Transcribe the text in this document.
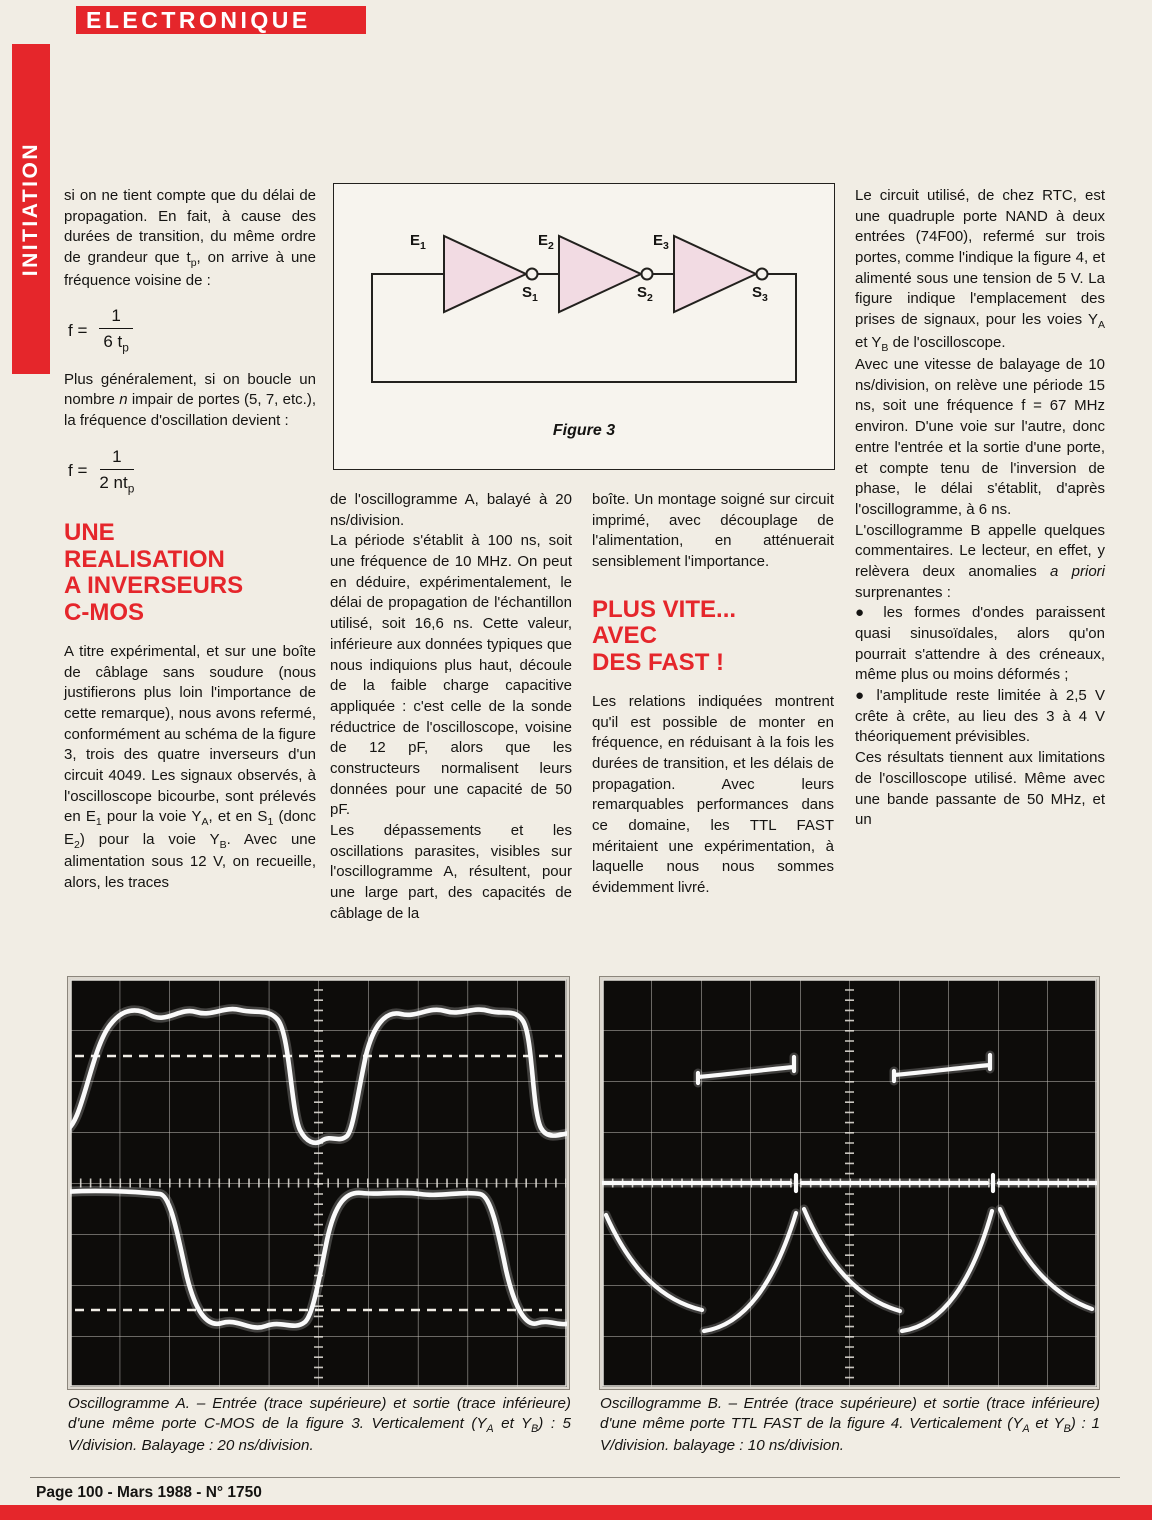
ELECTRONIQUE
INITIATION si on ne tient compte que du délai de propagation. En fait, à cause des durées de transition, du même ordre de grandeur que $t_p$, on arrive à une fréquence voisine de :

$f = \frac{1}{6 t_p}$

Plus généralement, si on boucle un nombre n impair de portes (5, 7, etc.), la fréquence d'oscillation devient :

$f = \frac{1}{2 nt_p}$
UNE
REALISATION
A INVERSEURS
C-MOS

A titre expérimental, et sur une boîte de câblage sans soudure (nous justifierons plus loin l'importance de cette remarque), nous avons refermé, conformément au schéma de la figure 3, trois des quatre inverseurs d'un circuit 4049. Les signaux observés, à l'oscilloscope bicourbe, sont prélevés en $E_1$ pour la voie $Y_A$, et en $S_1$ (donc $E_2$) pour la voie $Y_B$. Avec une alimentation sous 12 V, on recueille, alors, les traces

$E_1$
$S_1$
$E_2$
$S_2$
$E_3$
$S_3$
Figure 3

de l'oscillogramme A, balayé à 20 ns/division.

La période s'établit à 100 ns, soit une fréquence de 10 MHz. On peut en déduire, expérimentalement, le délai de propagation de l'échantillon utilisé, soit 16,6 ns. Cette valeur, inférieure aux données typiques que nous indiquions plus haut, découle de la faible charge capacitive appliquée : c'est celle de la sonde réductrice de l'oscilloscope, voisine de 12 pF, alors que les constructeurs normalisent leurs données pour une capacité de 50 pF.

Les dépassements et les oscillations parasites, visibles sur l'oscillogramme A, résultent, pour une large part, des capacités de câblage de la

boîte. Un montage soigné sur circuit imprimé, avec découplage de l'alimentation, en atténuerait sensiblement l'importance.

PLUS VITE...
AVEC
DES FAST !

Les relations indiquées montrent qu'il est possible de monter en fréquence, en réduisant à la fois les durées de transition, et les délais de propagation. Avec leurs remarquables performances dans ce domaine, les TTL FAST méritaient une expérimentation, à laquelle nous nous sommes évidemment livré.

Le circuit utilisé, de chez RTC, est une quadruple porte NAND à deux entrées (74F00), refermé sur trois portes, comme l'indique la figure 4, et alimenté sous une tension de 5 V. La figure indique l'emplacement des prises de signaux, pour les voies $Y_A$ et $Y_B$ de l'oscilloscope.

Avec une vitesse de balayage de 10 ns/division, on relève une période 15 ns, soit une fréquence f = 67 MHz environ. D'une voie sur l'autre, donc entre l'entrée et la sortie d'une porte, et compte tenu de l'inversion de phase, le délai s'établit, d'après l'oscillogramme, à 6 ns.

L'oscillogramme B appelle quelques commentaires. Le lecteur, en effet, y relèvera deux anomalies a priori surprenantes :

● les formes d'ondes paraissent quasi sinusoïdales, alors qu'on pourrait s'attendre à des créneaux, même plus ou moins déformés ;

● l'amplitude reste limitée à 2,5 V crête à crête, au lieu des 3 à 4 V théoriquement prévisibles.

Ces résultats tiennent aux limitations de l'oscilloscope utilisé. Même avec une bande passante de 50 MHz, et un

Oscillogramme A. – Entrée (trace supérieure) et sortie (trace inférieure) d'une même porte C-MOS de la figure 3. Verticalement ($Y_A$ et $Y_B$) : 5 V/division. Balayage : 20 ns/division.
Oscillogramme B. – Entrée (trace supérieure) et sortie (trace inférieure) d'une même porte TTL FAST de la figure 4. Verticalement ($Y_A$ et $Y_B$) : 1 V/division. balayage : 10 ns/division.
Page 100 - Mars 1988 - N° 1750
